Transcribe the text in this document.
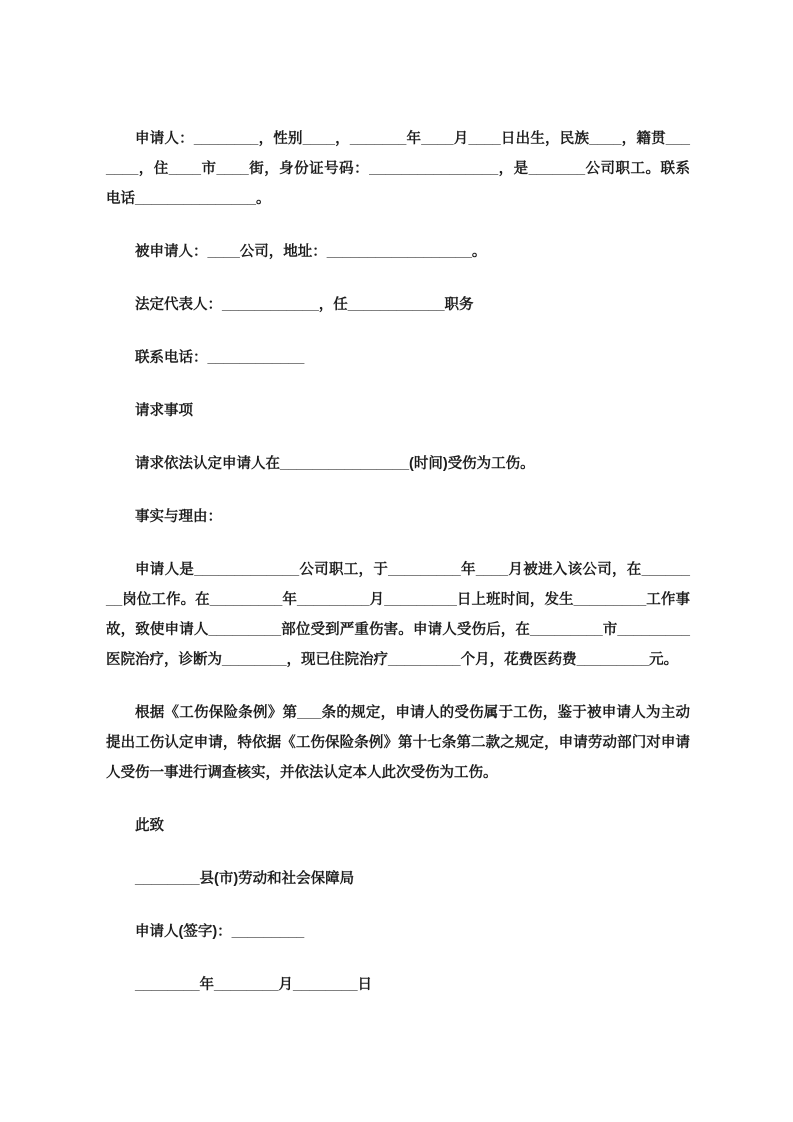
申请人：________，性别____，_______年____月____日出生，民族____，籍贯_______，住____市____街，身份证号码：________________，是_______公司职工。联系电话_______________。

被申请人：____公司，地址：__________________。

法定代表人：____________，任____________职务

联系电话：____________

请求事项

请求依法认定申请人在________________(时间)受伤为工伤。

事实与理由：

申请人是_____________公司职工，于_________年____月被进入该公司，在________岗位工作。在_________年_________月_________日上班时间，发生_________工作事故，致使申请人_________部位受到严重伤害。申请人受伤后，在_________市_________医院治疗，诊断为________，现已住院治疗_________个月，花费医药费_________元。

根据《工伤保险条例》第___条的规定，申请人的受伤属于工伤，鉴于被申请人为主动提出工伤认定申请，特依据《工伤保险条例》第十七条第二款之规定，申请劳动部门对申请人受伤一事进行调查核实，并依法认定本人此次受伤为工伤。

此致

________县(市)劳动和社会保障局

申请人(签字)：_________

________年________月________日
